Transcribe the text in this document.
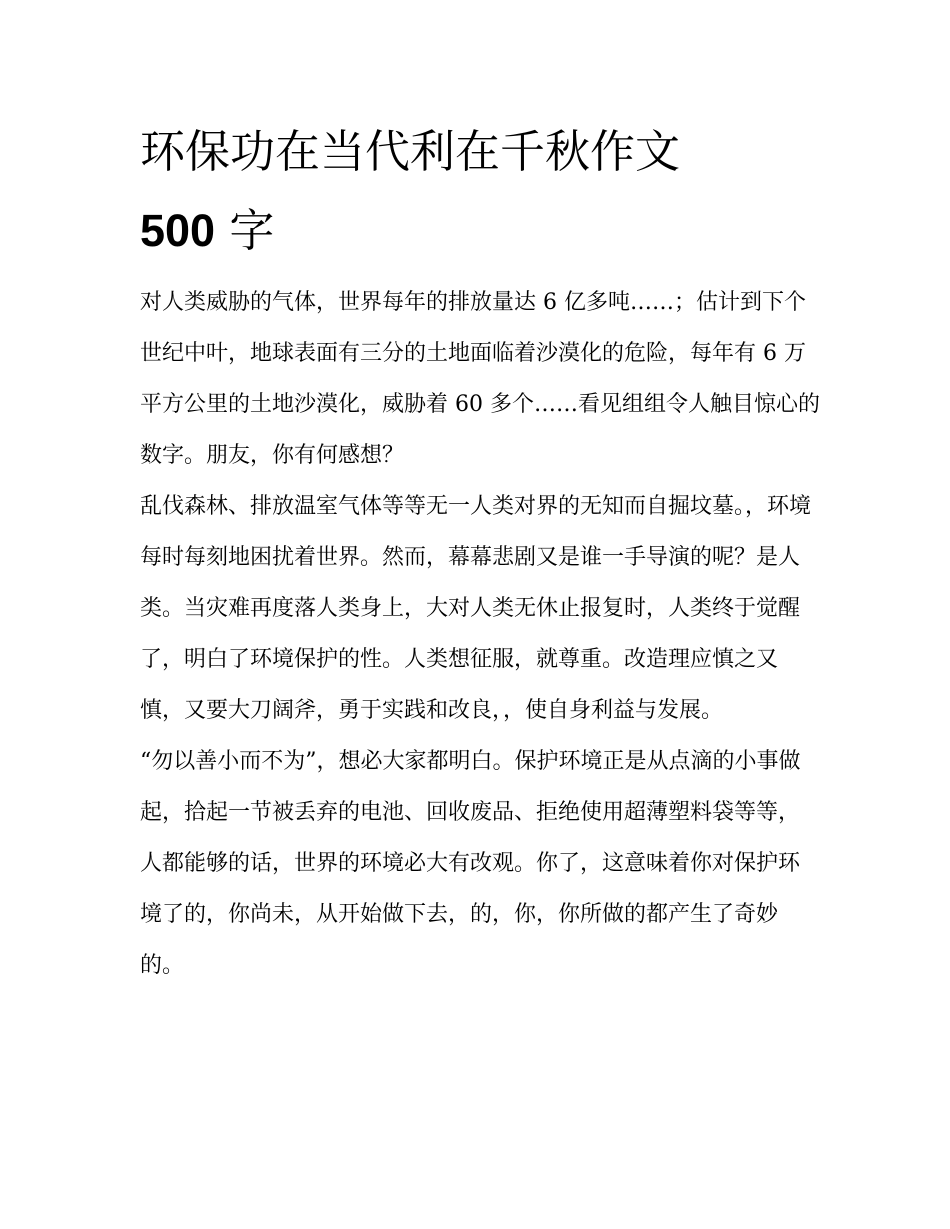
环保功在当代利在千秋作文
500 字

对人类威胁的气体，世界每年的排放量达 6 亿多吨……；估计到下个世纪中叶，地球表面有三分的土地面临着沙漠化的危险，每年有 6 万平方公里的土地沙漠化，威胁着 60 多个……看见组组令人触目惊心的数字。朋友，你有何感想？

乱伐森林、排放温室气体等等无一人类对界的无知而自掘坟墓。，环境每时每刻地困扰着世界。然而，幕幕悲剧又是谁一手导演的呢？是人类。当灾难再度落人类身上，大对人类无休止报复时，人类终于觉醒了，明白了环境保护的性。人类想征服，就尊重。改造理应慎之又慎，又要大刀阔斧，勇于实践和改良，，使自身利益与发展。

“勿以善小而不为”，想必大家都明白。保护环境正是从点滴的小事做起，拾起一节被丢弃的电池、回收废品、拒绝使用超薄塑料袋等等，人都能够的话，世界的环境必大有改观。你了，这意味着你对保护环境了的，你尚未，从开始做下去，的，你，你所做的都产生了奇妙的。
